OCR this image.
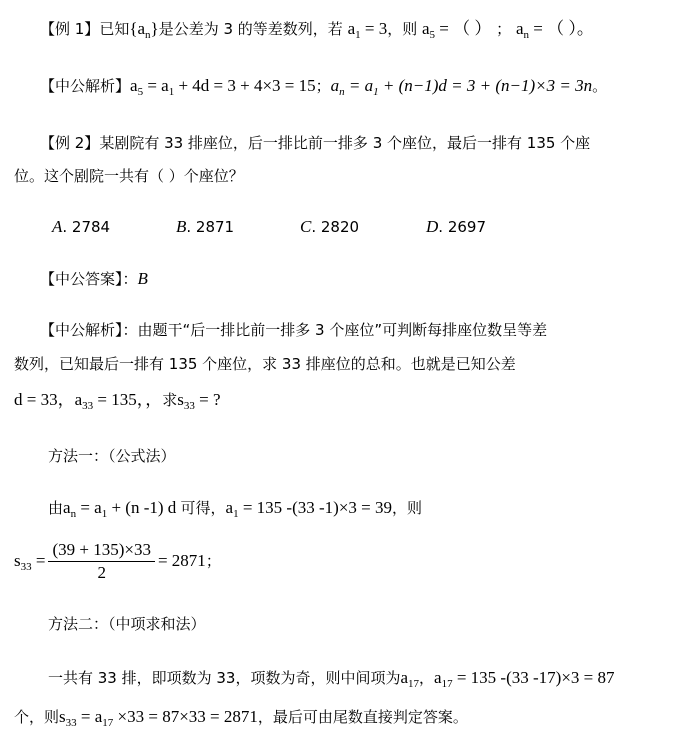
【例 1】已知$\{a_n\}$是公差为 3 的等差数列，若 $a_1 = 3$，则 $a_5$ = （ ） ； $a_n$ = （ ）。
【中公解析】$a_5 = a_1 + 4d = 3 + 4\times 3 = 15$；$a_n = a_1 + (n-1)d = 3 + (n-1)\times 3 = 3n$。
【例 2】某剧院有 33 排座位，后一排比前一排多 3 个座位，最后一排有 135 个座
位。这个剧院一共有（ ）个座位？
A. 2784	B. 2871	C. 2820	D. 2697
【中公答案】：B
【中公解析】：由题干“后一排比前一排多 3 个座位”可判断每排座位数呈等差
数列，已知最后一排有 135 个座位，求 33 排座位的总和。也就是已知公差
d = 33，$a_{33} = 135$，，求$s_{33}$ = ?
方法一：（公式法）
由$a_n = a_1 + (n$ -1) d 可得，$a_1 = 135$ -(33 -1)×3 = 39，则
$s_{33} = \frac{(39 + 135)\times 33}{2} = 2871$；
方法二：（中项求和法）
一共有 33 排，即项数为 33，项数为奇，则中间项为$a_{17}$，$a_{17} = 135$ -(33 -17)×3 = 87
个，则$s_{33} = a_{17} \times 33 = 87\times 33 = 2871$，最后可由尾数直接判定答案。
